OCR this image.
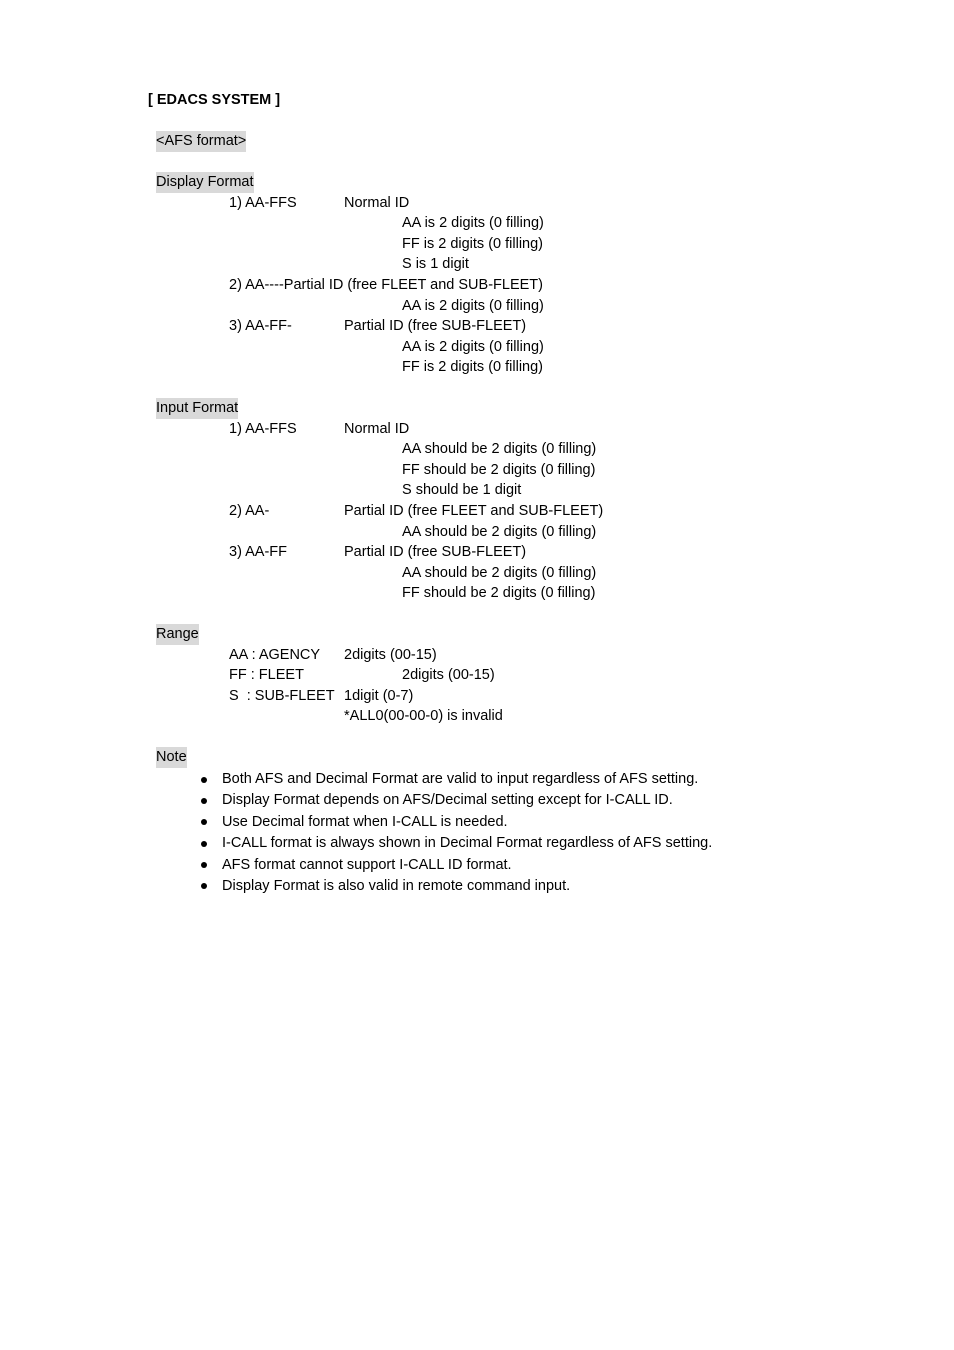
[ EDACS SYSTEM ]
<AFS format>
Display Format
1) AA-FFS	Normal ID
AA is 2 digits (0 filling)
FF is 2 digits (0 filling)
S is 1 digit
2) AA----Partial ID (free FLEET and SUB-FLEET)
AA is 2 digits (0 filling)
3) AA-FF-	Partial ID (free SUB-FLEET)
AA is 2 digits (0 filling)
FF is 2 digits (0 filling)
Input Format
1) AA-FFS	Normal ID
AA should be 2 digits (0 filling)
FF should be 2 digits (0 filling)
S should be 1 digit
2) AA-	Partial ID (free FLEET and SUB-FLEET)
AA should be 2 digits (0 filling)
3) AA-FF	Partial ID (free SUB-FLEET)
AA should be 2 digits (0 filling)
FF should be 2 digits (0 filling)
Range
AA : AGENCY 2digits (00-15)
FF : FLEET	2digits (00-15)
S  : SUB-FLEET 1digit (0-7)
*ALL0(00-00-0) is invalid
Note
Both AFS and Decimal Format are valid to input regardless of AFS setting.
Display Format depends on AFS/Decimal setting except for I-CALL ID.
Use Decimal format when I-CALL is needed.
I-CALL format is always shown in Decimal Format regardless of AFS setting.
AFS format cannot support I-CALL ID format.
Display Format is also valid in remote command input.
